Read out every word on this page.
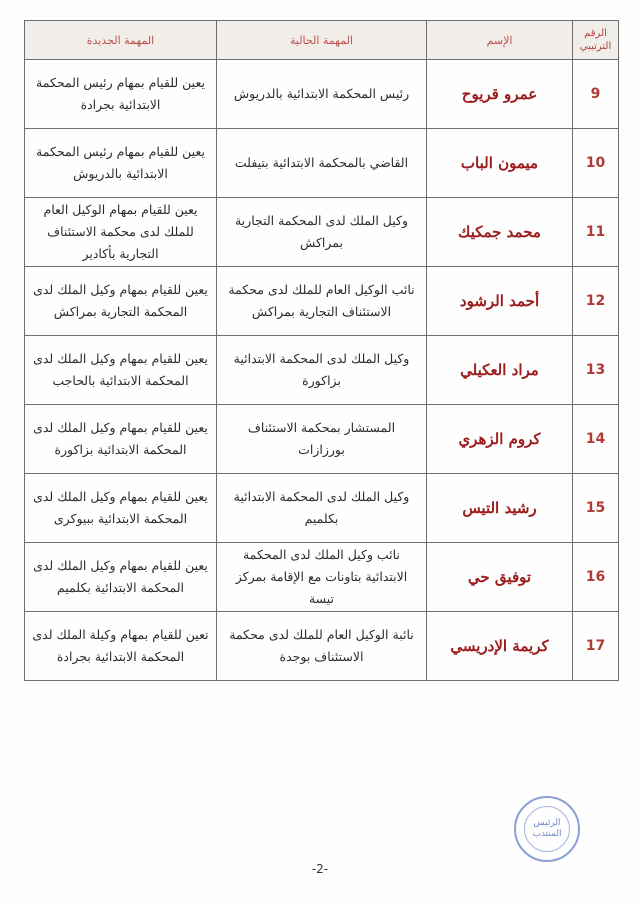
الرقم الترتيبي	الإسم	المهمة الحالية	المهمة الجديدة
9	عمرو قريوح	رئيس المحكمة الابتدائية بالدريوش	يعين للقيام بمهام رئيس المحكمة الابتدائية بجرادة
10	ميمون الباب	القاضي بالمحكمة الابتدائية بتيفلت	يعين للقيام بمهام رئيس المحكمة الابتدائية بالدريوش
11	محمد جمكيك	وكيل الملك لدى المحكمة التجارية بمراكش	يعين للقيام بمهام الوكيل العام للملك لدى محكمة الاستئناف التجارية بأكادير
12	أحمد الرشود	نائب الوكيل العام للملك لدى محكمة الاستئناف التجارية بمراكش	يعين للقيام بمهام وكيل الملك لدى المحكمة التجارية بمراكش
13	مراد العكيلي	وكيل الملك لدى المحكمة الابتدائية بزاكورة	يعين للقيام بمهام وكيل الملك لدى المحكمة الابتدائية بالحاجب
14	كروم الزهري	المستشار بمحكمة الاستئناف بورزازات	يعين للقيام بمهام وكيل الملك لدى المحكمة الابتدائية بزاكورة
15	رشيد التيس	وكيل الملك لدى المحكمة الابتدائية بكلميم	يعين للقيام بمهام وكيل الملك لدى المحكمة الابتدائية ببيوكرى
16	توفيق حي	نائب وكيل الملك لدى المحكمة الابتدائية بتاونات مع الإقامة بمركز تيسة	يعين للقيام بمهام وكيل الملك لدى المحكمة الابتدائية بكلميم
17	كريمة الإدريسي	نائبة الوكيل العام للملك لدى محكمة الاستئناف بوجدة	تعين للقيام بمهام وكيلة الملك لدى المحكمة الابتدائية بجرادة
الرئيس
المنتدب
-2-
